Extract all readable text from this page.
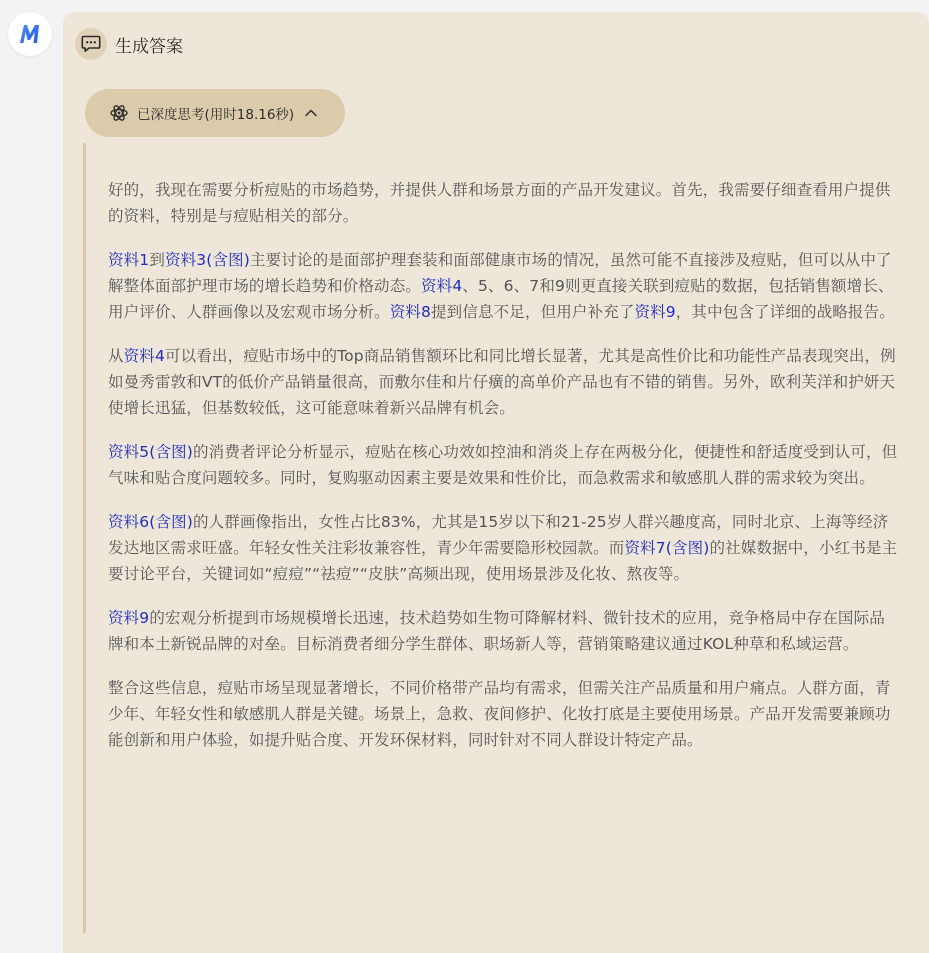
生成答案
已深度思考(用时18.16秒)

好的，我现在需要分析痘贴的市场趋势，并提供人群和场景方面的产品开发建议。首先，我需要仔细查看用户提供的资料，特别是与痘贴相关的部分。

资料1到资料3(含图)主要讨论的是面部护理套装和面部健康市场的情况，虽然可能不直接涉及痘贴，但可以从中了解整体面部护理市场的增长趋势和价格动态。资料4、5、6、7和9则更直接关联到痘贴的数据，包括销售额增长、用户评价、人群画像以及宏观市场分析。资料8提到信息不足，但用户补充了资料9，其中包含了详细的战略报告。

从资料4可以看出，痘贴市场中的Top商品销售额环比和同比增长显著，尤其是高性价比和功能性产品表现突出，例如曼秀雷敦和VT的低价产品销量很高，而敷尔佳和片仔癀的高单价产品也有不错的销售。另外，欧利芙洋和护妍天使增长迅猛，但基数较低，这可能意味着新兴品牌有机会。

资料5(含图)的消费者评论分析显示，痘贴在核心功效如控油和消炎上存在两极分化，便捷性和舒适度受到认可，但气味和贴合度问题较多。同时，复购驱动因素主要是效果和性价比，而急救需求和敏感肌人群的需求较为突出。

资料6(含图)的人群画像指出，女性占比83%，尤其是15岁以下和21-25岁人群兴趣度高，同时北京、上海等经济发达地区需求旺盛。年轻女性关注彩妆兼容性，青少年需要隐形校园款。而资料7(含图)的社媒数据中，小红书是主要讨论平台，关键词如“痘痘”“祛痘”“皮肤”高频出现，使用场景涉及化妆、熬夜等。

资料9的宏观分析提到市场规模增长迅速，技术趋势如生物可降解材料、微针技术的应用，竞争格局中存在国际品牌和本土新锐品牌的对垒。目标消费者细分学生群体、职场新人等，营销策略建议通过KOL种草和私域运营。

整合这些信息，痘贴市场呈现显著增长，不同价格带产品均有需求，但需关注产品质量和用户痛点。人群方面，青少年、年轻女性和敏感肌人群是关键。场景上，急救、夜间修护、化妆打底是主要使用场景。产品开发需要兼顾功能创新和用户体验，如提升贴合度、开发环保材料，同时针对不同人群设计特定产品。
